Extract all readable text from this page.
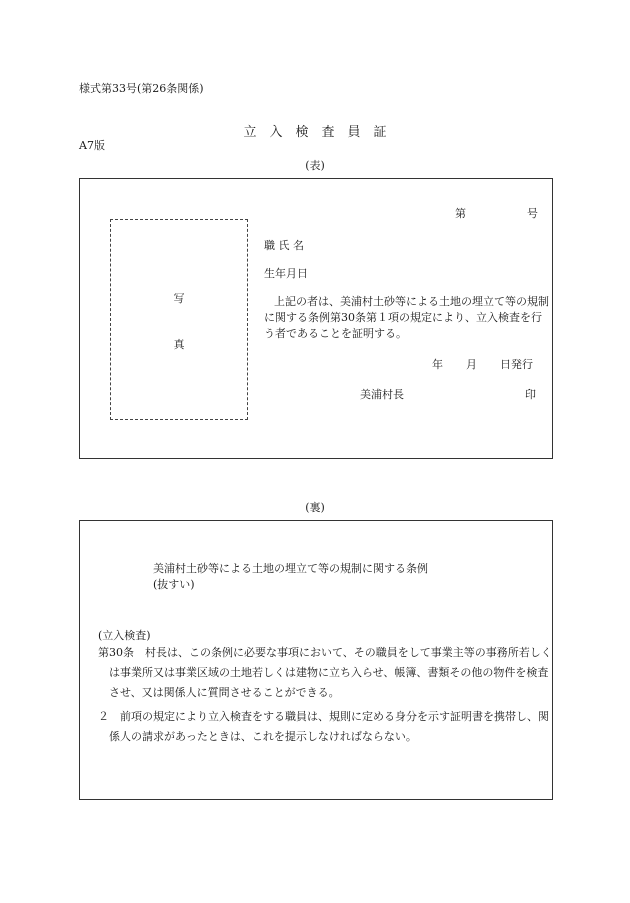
様式第33号(第26条関係)
立　入　検　査　員　証
A7版
(表)
第	号
写
真
職 氏 名
生年月日
上記の者は、美浦村土砂等による土地の埋立て等の規制に関する条例第30条第１項の規定により、立入検査を行う者であることを証明する。
年 月 日発行
美浦村長	印
(裏)
美浦村土砂等による土地の埋立て等の規制に関する条例
(抜すい)
(立入検査)
第30条　村長は、この条例に必要な事項において、その職員をして事業主等の事務所若しくは事業所又は事業区域の土地若しくは建物に立ち入らせ、帳簿、書類その他の物件を検査させ、又は関係人に質問させることができる。
２　前項の規定により立入検査をする職員は、規則に定める身分を示す証明書を携帯し、関係人の請求があったときは、これを提示しなければならない。
